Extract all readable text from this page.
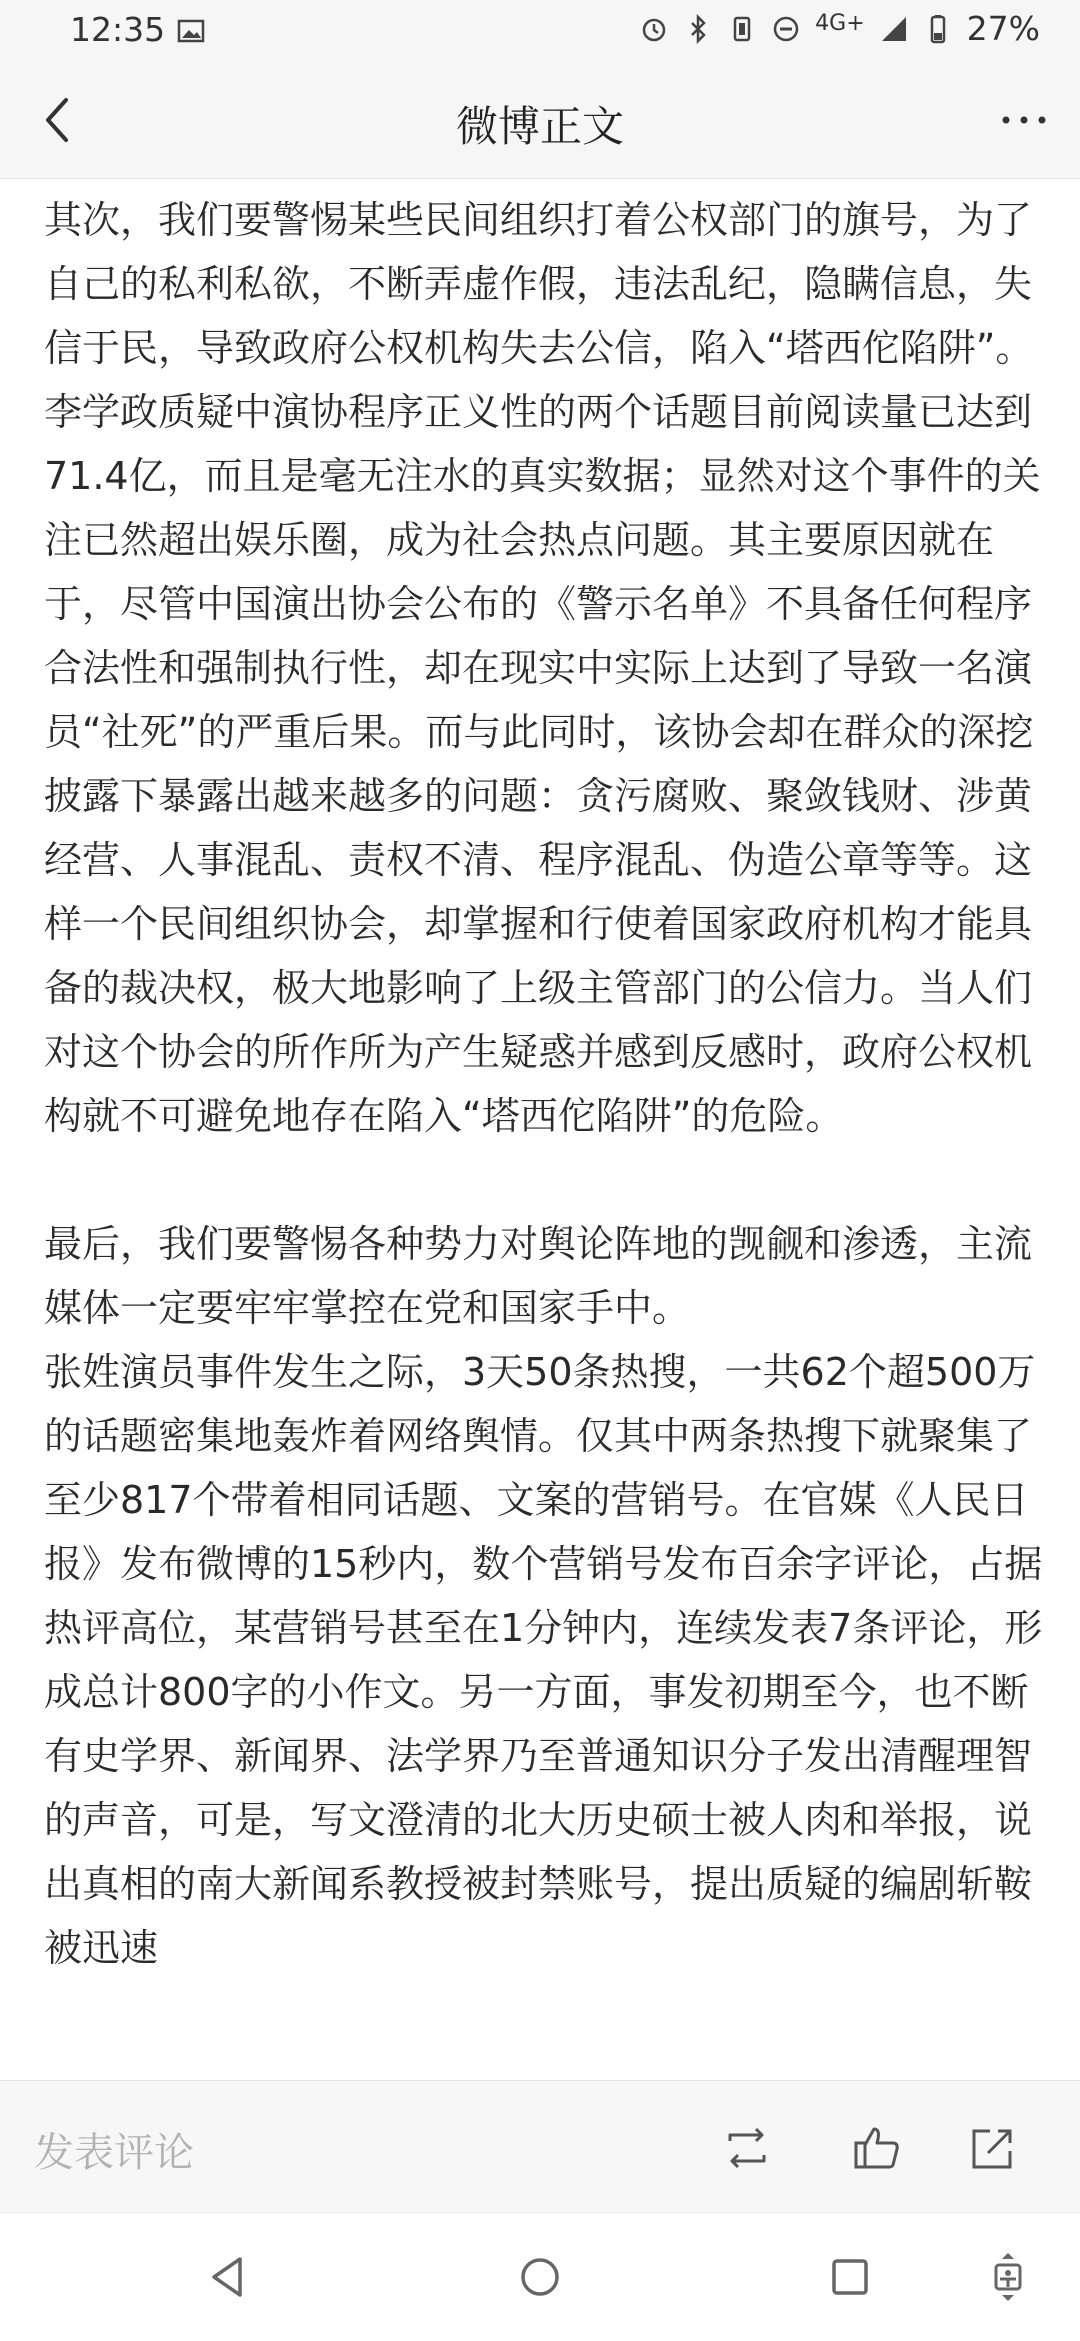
12:35	4G+	27%
微博正文

其次，我们要警惕某些民间组织打着公权部门的旗号，为了自己的私利私欲，不断弄虚作假，违法乱纪，隐瞒信息，失信于民，导致政府公权机构失去公信，陷入“塔西佗陷阱”。

李学政质疑中演协程序正义性的两个话题目前阅读量已达到71.4亿，而且是毫无注水的真实数据；显然对这个事件的关注已然超出娱乐圈，成为社会热点问题。其主要原因就在于，尽管中国演出协会公布的《警示名单》不具备任何程序合法性和强制执行性，却在现实中实际上达到了导致一名演员“社死”的严重后果。而与此同时，该协会却在群众的深挖披露下暴露出越来越多的问题：贪污腐败、聚敛钱财、涉黄经营、人事混乱、责权不清、程序混乱、伪造公章等等。这样一个民间组织协会，却掌握和行使着国家政府机构才能具备的裁决权，极大地影响了上级主管部门的公信力。当人们对这个协会的所作所为产生疑惑并感到反感时，政府公权机构就不可避免地存在陷入“塔西佗陷阱”的危险。

最后，我们要警惕各种势力对舆论阵地的觊觎和渗透，主流媒体一定要牢牢掌控在党和国家手中。

张姓演员事件发生之际，3天50条热搜，一共62个超500万的话题密集地轰炸着网络舆情。仅其中两条热搜下就聚集了至少817个带着相同话题、文案的营销号。在官媒《人民日报》发布微博的15秒内，数个营销号发布百余字评论，占据热评高位，某营销号甚至在1分钟内，连续发表7条评论，形成总计800字的小作文。另一方面，事发初期至今，也不断有史学界、新闻界、法学界乃至普通知识分子发出清醒理智的声音，可是，写文澄清的北大历史硕士被人肉和举报，说出真相的南大新闻系教授被封禁账号，提出质疑的编剧斩鞍被迅速

发表评论
